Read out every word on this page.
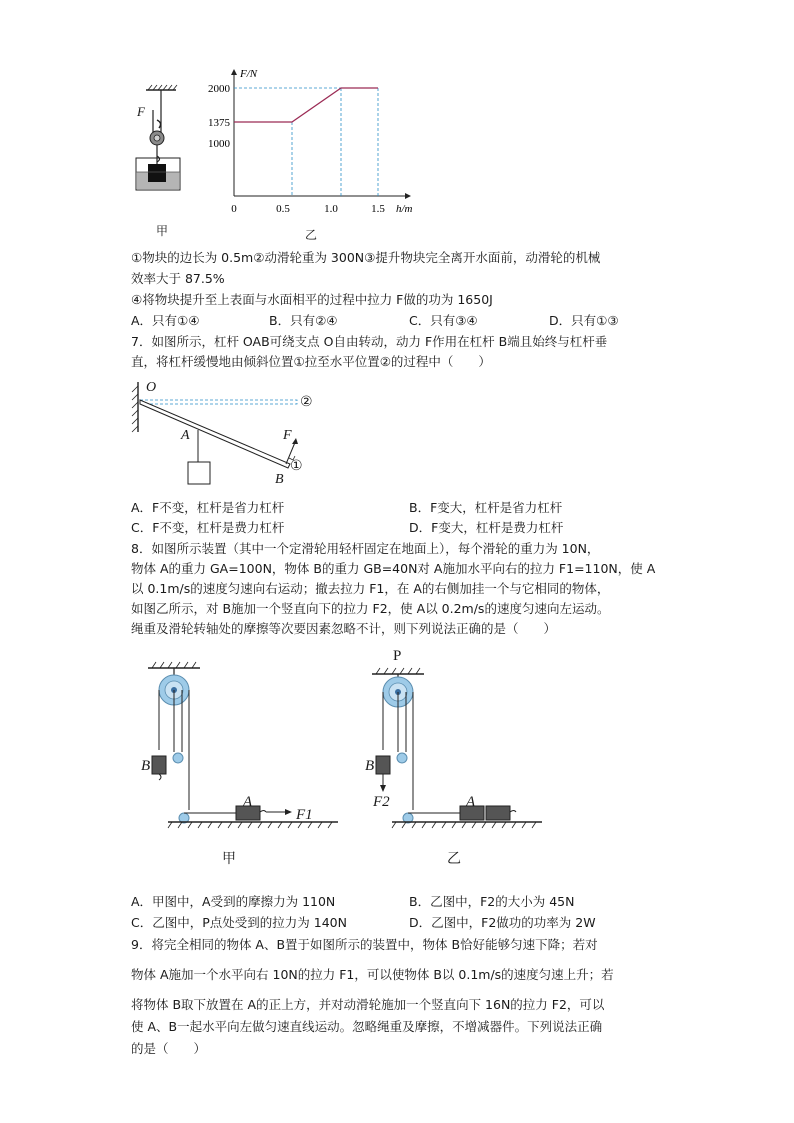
F
甲
2000
1375
1000
0	0.5	1.0	1.5
F/N
h/m
乙
①物块的边长为 0.5m②动滑轮重为 300N③提升物块完全离开水面前，动滑轮的机械
效率大于 87.5%
④将物块提升至上表面与水面相平的过程中拉力 F做的功为 1650J
A．只有①④	B．只有②④	C．只有③④	D．只有①③
7．如图所示，杠杆 OAB可绕支点 O自由转动，动力 F作用在杠杆 B端且始终与杠杆垂
直，将杠杆缓慢地由倾斜位置①拉至水平位置②的过程中（　　）
O
②
A	F
①
B
A．F不变，杠杆是省力杠杆	B．F变大，杠杆是省力杠杆
C．F不变，杠杆是费力杠杆	D．F变大，杠杆是费力杠杆
8．如图所示装置（其中一个定滑轮用轻杆固定在地面上），每个滑轮的重力为 10N，
物体 A的重力 GA=100N，物体 B的重力 GB=40N对 A施加水平向右的拉力 F1=110N，使 A
以 0.1m/s的速度匀速向右运动；撤去拉力 F1，在 A的右侧加挂一个与它相同的物体，
如图乙所示，对 B施加一个竖直向下的拉力 F2，使 A以 0.2m/s的速度匀速向左运动。
绳重及滑轮转轴处的摩擦等次要因素忽略不计，则下列说法正确的是（　　）
B
A
F1
甲
P
B
F2	A
乙
A．甲图中，A受到的摩擦力为 110N	B．乙图中，F2的大小为 45N
C．乙图中，P点处受到的拉力为 140N	D．乙图中，F2做功的功率为 2W
9．将完全相同的物体 A、B置于如图所示的装置中，物体 B恰好能够匀速下降；若对
物体 A施加一个水平向右 10N的拉力 F1，可以使物体 B以 0.1m/s的速度匀速上升；若
将物体 B取下放置在 A的正上方，并对动滑轮施加一个竖直向下 16N的拉力 F2，可以
使 A、B一起水平向左做匀速直线运动。忽略绳重及摩擦，不增减器件。下列说法正确
的是（　　）
